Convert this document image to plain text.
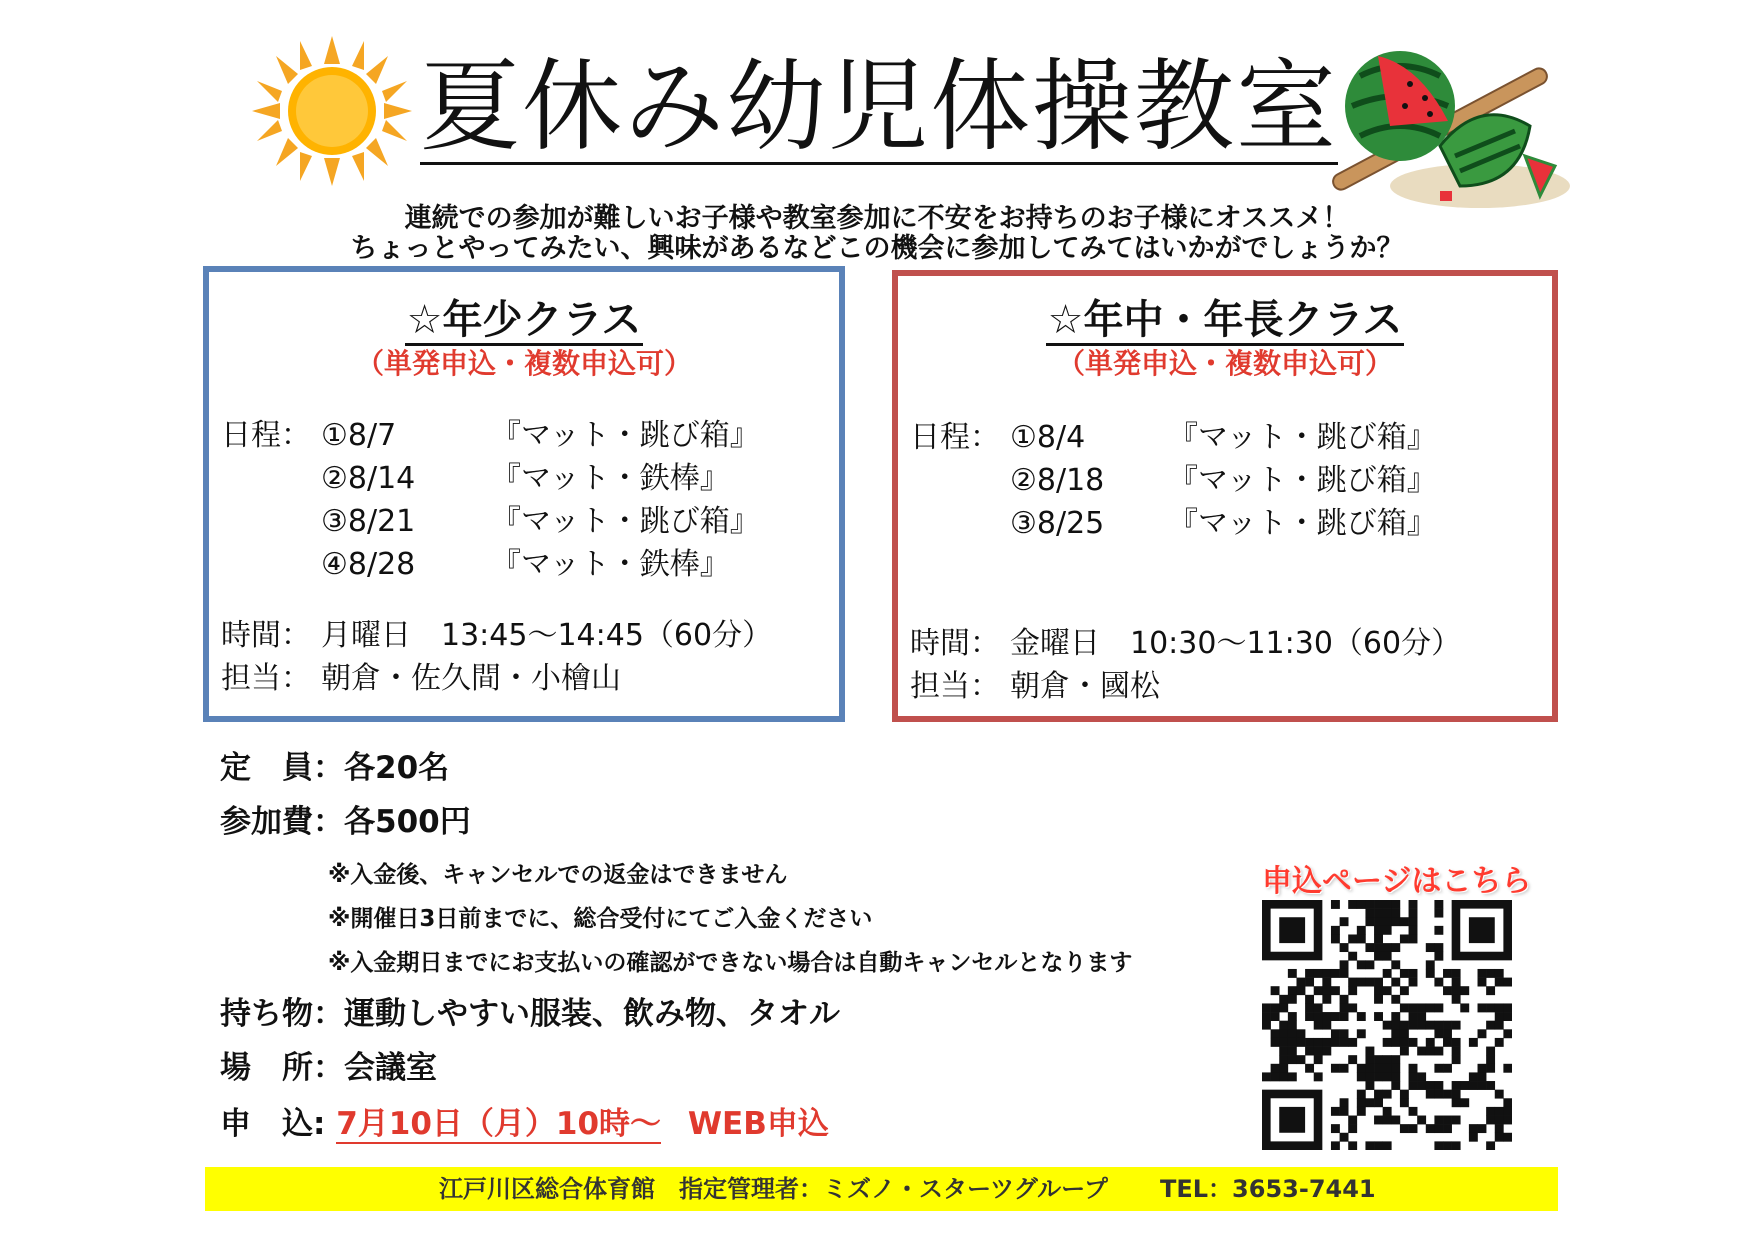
夏休み幼児体操教室
連続での参加が難しいお子様や教室参加に不安をお持ちのお子様にオススメ！
ちょっとやってみたい、興味があるなどこの機会に参加してみてはいかがでしょうか？
☆年少クラス
（単発申込・複数申込可）
日程： ①8/7	『マット・跳び箱』
②8/14	『マット・鉄棒』
③8/21	『マット・跳び箱』
④8/28	『マット・鉄棒』
時間： 月曜日　13:45～14:45（60分）
担当： 朝倉・佐久間・小檜山
☆年中・年長クラス
（単発申込・複数申込可）
日程： ①8/4	『マット・跳び箱』
②8/18 『マット・跳び箱』
③8/25 『マット・跳び箱』
時間： 金曜日　10:30～11:30（60分）
担当： 朝倉・國松
定　員：各20名
参加費：各500円
※入金後、キャンセルでの返金はできません
※開催日3日前までに、総合受付にてご入金ください
※入金期日までにお支払いの確認ができない場合は自動キャンセルとなります
持ち物：運動しやすい服装、飲み物、タオル
場　所：会議室
申　込: 7月10日（月）10時～ WEB申込
申込ページはこちら
江戸川区総合体育館　指定管理者：ミズノ・スターツグループ TEL：3653-7441
